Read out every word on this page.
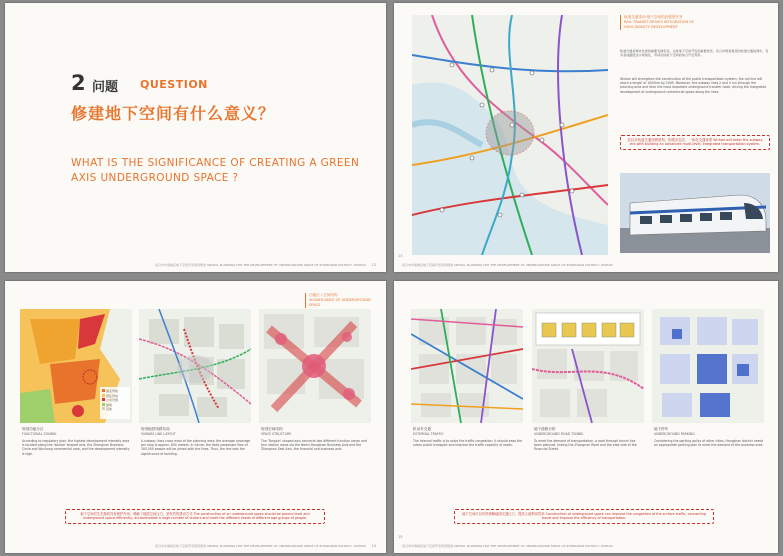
2 问题 QUESTION
修建地下空间有什么意义？
WHAT IS THE SIGNIFICANCE OF CREATING A GREEN AXIS UNDERGROUND SPACE ?
武汉市中南地区地下空间开发利用规划 SPATIAL PLANNING FOR THE DEVELOPMENT OF UNDERGROUND SPACE OF ZHONGNAN DISTRICT, WUHAN 12
轨道交通带动·地下空间的高强度开发
RAIL TRANSIT DRIVES INTEGRATION OF HIGH DENSITY DEVELOPMENT
轨道交通是城市发展的重要支撑系统，也是地下空间开发的重要依托。武汉市规划建设的轨道交通线网中，有多条线路经过中南地区，带动沿线地下空间的综合开发利用。
Wuhan will strengthen the construction of the public transportation system; the rail line will reach a length of 1000km by 2049. Moreover, the subway lines 2 and 4 run through the planning area and form the most important underground transfer node, driving the integrated development of underground commercial space along the lines.
武汉市轨道交通线网规划，构建多层次、一体化交通体系 Wuhan will enter the subway era with building an advanced multi-level, integrated transportation system.
武汉市中南地区地下空间开发利用规划 SPATIAL PLANNING FOR THE DEVELOPMENT OF UNDERGROUND SPACE OF ZHONGNAN DISTRICT, WUHAN
13
功能区 / 空间结构
SIGNIFICANCE OF UNDERGROUND SPACE
商业用地
居住用地
公共设施
绿地
其他
规划功能分区
FUNCTIONAL ZONING
According to regulatory plan, the highest development intensity area is located along the 'double' shaped axis, the Zhongnan Business Circle and Wuchang commercial area, and the development intensity is high.
规划地铁线路布局
SUBWAY LINE LAYOUT
A subway lines cross most of the planning area; the average coverage per stop is approx. 800 meters. In future, the daily passenger flow of 300,000 people will be joined with the lines. Thus, the line sets the significance of building.
规划空间结构
SPACE STRUCTURE
The 'Tongxin' shaped axis connects two different function zones and four station areas via the North-Hongshan Business Axis and the Zhongnan East Axis, the financial and business axis.
地下空间对生态基底具有保护作用，缓解了地面空间压力，是有效的建设方式 The construction of an underground space should be ground level and underground space efficiently, accommodate a large number of visitors and meet the different needs of different age groups of people.
武汉市中南地区地下空间开发利用规划 SPATIAL PLANNING FOR THE DEVELOPMENT OF UNDERGROUND SPACE OF ZHONGNAN DISTRICT, WUHAN 14
机动车交通
EXTERNAL TRAFFIC
The internal traffic is to solve the traffic congestion; it should ease the urban public transport and improve the traffic capacity of roads.
地下道路分析
UNDERGROUND ROAD TUNNEL
To meet the demand of transportation, a road through tunnel has been planned, linking the Zhongnan Road and the east side of the Financial Street.
地下停车
UNDERGROUND PARKING
Considering the parking policy of other cities, Hongshan district needs an appropriate parking plan to meet the demand of the business area.
地下空间可以有效缓解地面交通压力，提高土地利用效率 Construction of underground space can improve the congestion of the surface traffic, connecting travel and improve the efficiency of transportation.
武汉市中南地区地下空间开发利用规划 SPATIAL PLANNING FOR THE DEVELOPMENT OF UNDERGROUND SPACE OF ZHONGNAN DISTRICT, WUHAN
15
